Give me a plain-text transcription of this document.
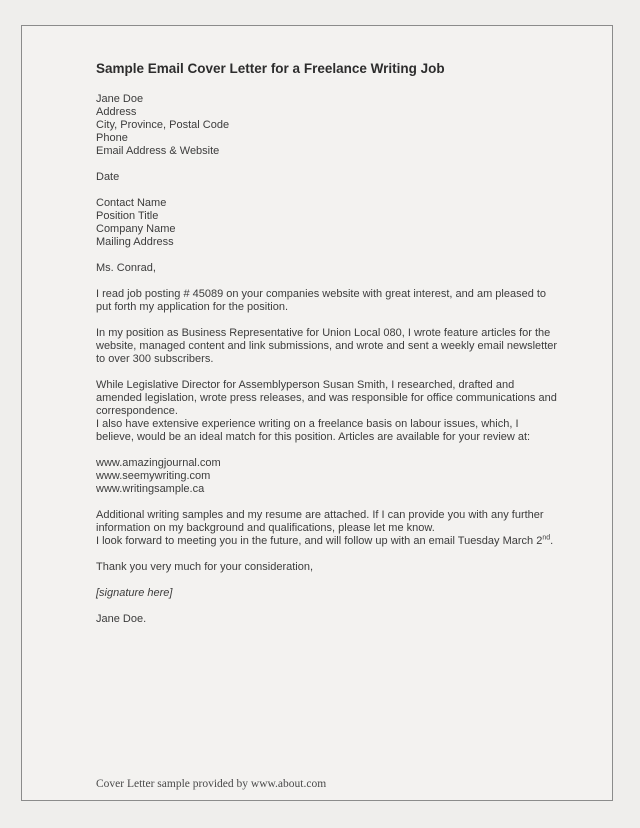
Sample Email Cover Letter for a Freelance Writing Job
Jane Doe
Address
City, Province, Postal Code
Phone
Email Address & Website
Date
Contact Name
Position Title
Company Name
Mailing Address
Ms. Conrad,

I read job posting # 45089 on your companies website with great interest, and am pleased to put forth my application for the position.

In my position as Business Representative for Union Local 080, I wrote feature articles for the website, managed content and link submissions, and wrote and sent a weekly email newsletter to over 300 subscribers.

While Legislative Director for Assemblyperson Susan Smith, I researched, drafted and amended legislation, wrote press releases, and was responsible for office communications and correspondence.
I also have extensive experience writing on a freelance basis on labour issues, which, I believe, would be an ideal match for this position. Articles are available for your review at:
www.amazingjournal.com
www.seemywriting.com
www.writingsample.ca
Additional writing samples and my resume are attached. If I can provide you with any further information on my background and qualifications, please let me know.
I look forward to meeting you in the future, and will follow up with an email Tuesday March 2nd.
Thank you very much for your consideration,
[signature here]
Jane Doe.
Cover Letter sample provided by www.about.com
